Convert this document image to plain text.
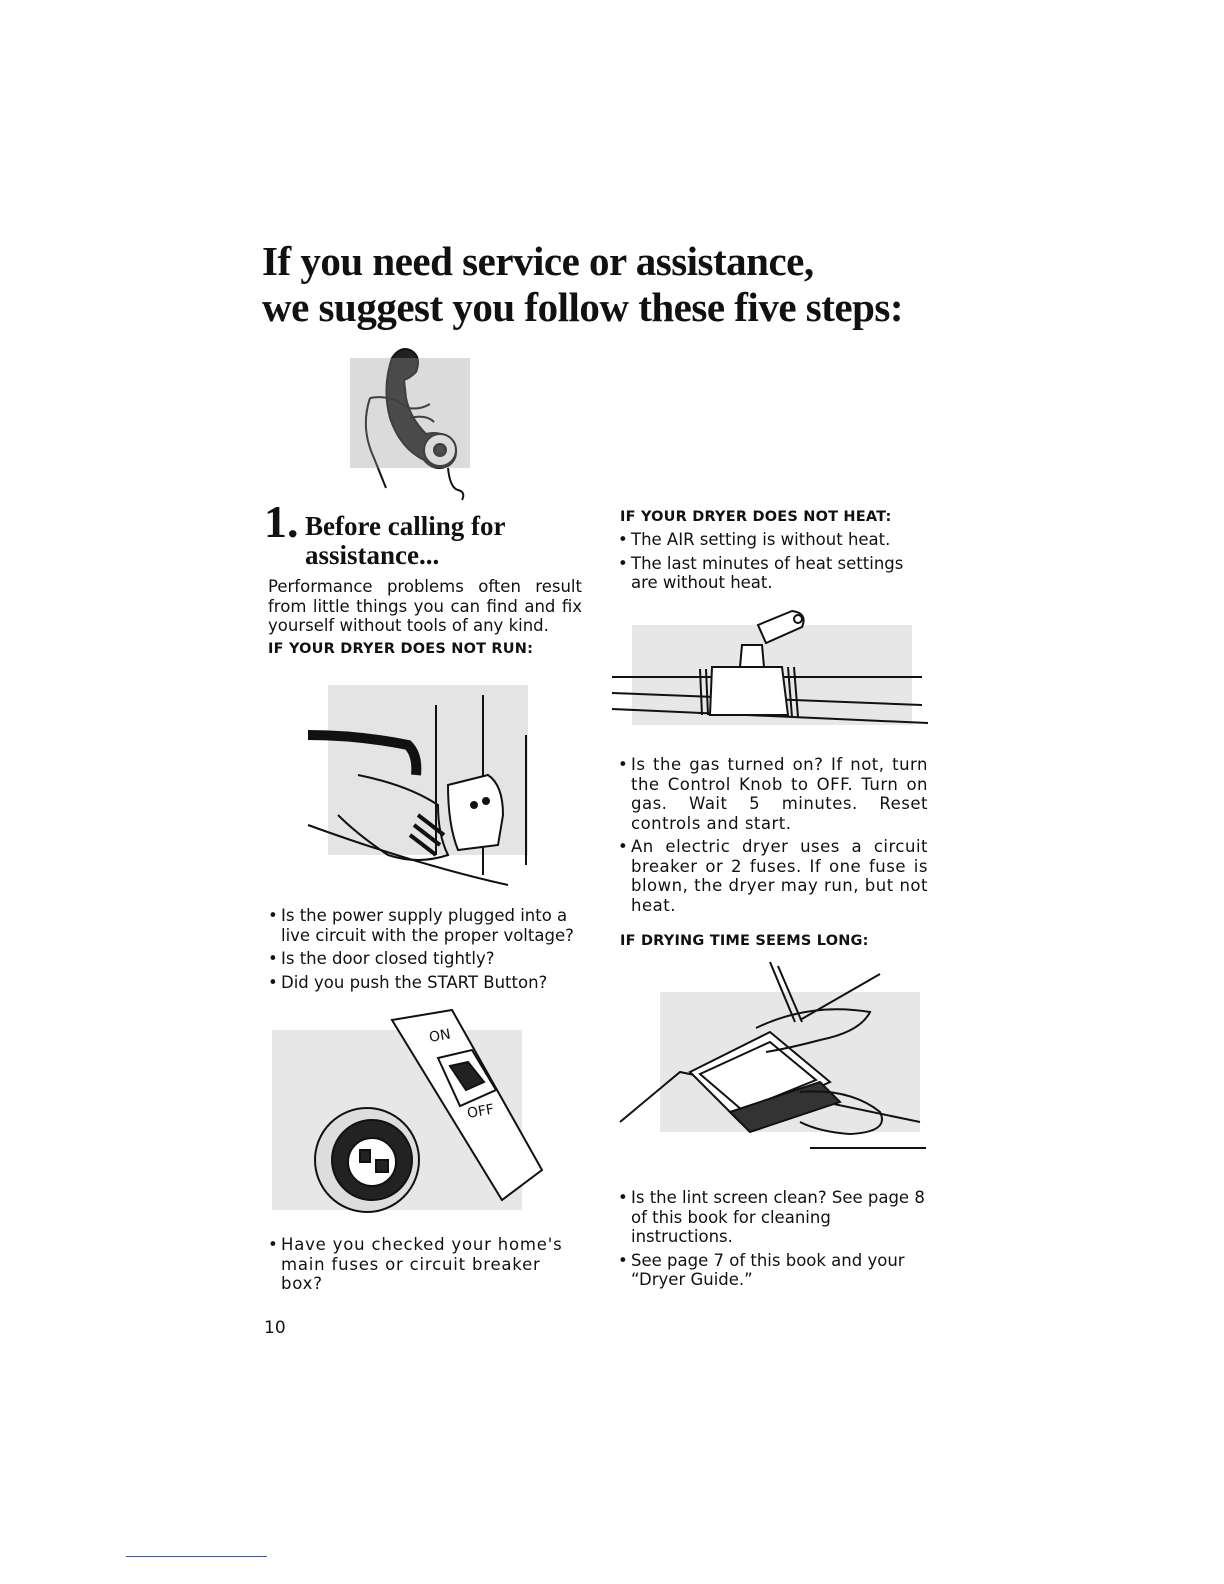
If you need service or assistance,
we suggest you follow these five steps:
1. Before calling for assistance...

Performance problems often result from little things you can find and fix yourself without tools of any kind.

IF YOUR DRYER DOES NOT RUN:

• Is the power supply plugged into a live circuit with the proper voltage?
• Is the door closed tightly?
• Did you push the START Button?
ON
OFF
• Have you checked your home's main fuses or circuit breaker box?

IF YOUR DRYER DOES NOT HEAT:

• The AIR setting is without heat.
• The last minutes of heat settings are without heat.
• Is the gas turned on? If not, turn the Control Knob to OFF. Turn on gas. Wait 5 minutes. Reset controls and start.
• An electric dryer uses a circuit breaker or 2 fuses. If one fuse is blown, the dryer may run, but not heat.

IF DRYING TIME SEEMS LONG:

• Is the lint screen clean? See page 8 of this book for cleaning instructions.
• See page 7 of this book and your “Dryer Guide.”
10
